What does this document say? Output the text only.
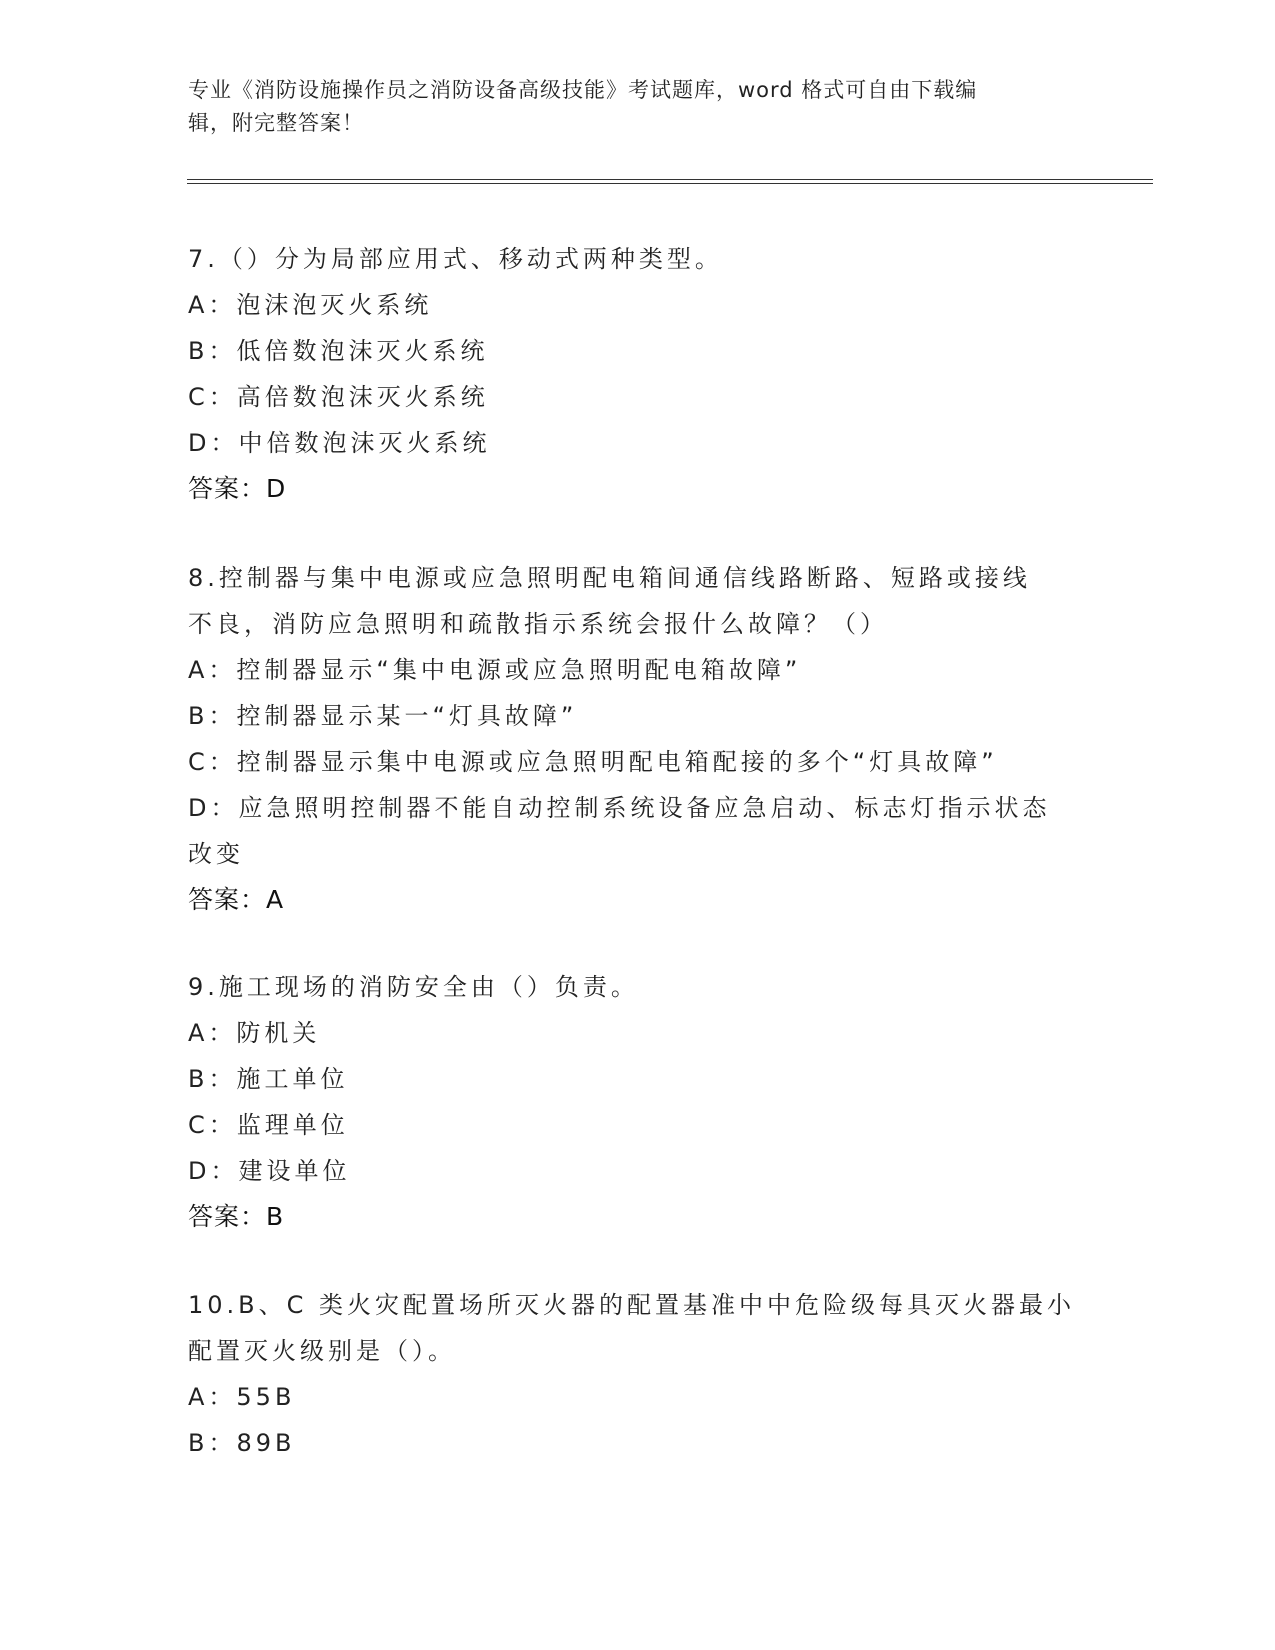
专业《消防设施操作员之消防设备高级技能》考试题库，word 格式可自由下载编
辑，附完整答案！
7.（）分为局部应用式、移动式两种类型。
A：泡沫泡灭火系统
B：低倍数泡沫灭火系统
C：高倍数泡沫灭火系统
D：中倍数泡沫灭火系统
答案：D
8.控制器与集中电源或应急照明配电箱间通信线路断路、短路或接线
不良，消防应急照明和疏散指示系统会报什么故障？（）
A：控制器显示“集中电源或应急照明配电箱故障”
B：控制器显示某一“灯具故障”
C：控制器显示集中电源或应急照明配电箱配接的多个“灯具故障”
D：应急照明控制器不能自动控制系统设备应急启动、标志灯指示状态
改变
答案：A
9.施工现场的消防安全由（）负责。
A：防机关
B：施工单位
C：监理单位
D：建设单位
答案：B
10.B、C 类火灾配置场所灭火器的配置基准中中危险级每具灭火器最小
配置灭火级别是（）。
A：55B
B：89B
